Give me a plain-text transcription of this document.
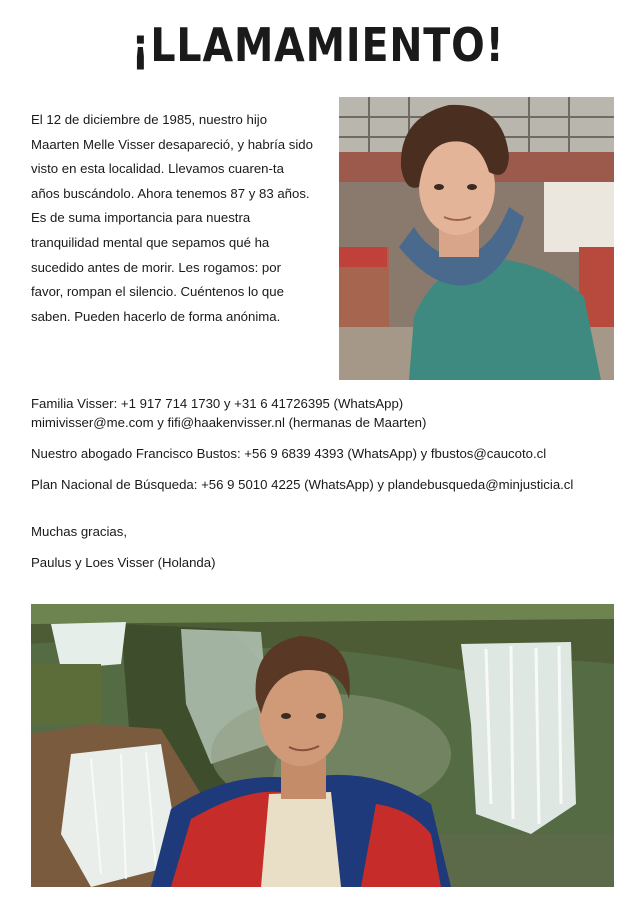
¡LLAMAMIENTO!

El 12 de diciembre de 1985, nuestro hijo Maarten Melle Visser desapareció, y habría sido visto en esta localidad. Llevamos cuaren-ta años buscándolo. Ahora tenemos 87 y 83 años. Es de suma importancia para nuestra tranquilidad mental que sepamos qué ha sucedido antes de morir. Les rogamos: por favor, rompan el silencio. Cuéntenos lo que saben. Pueden hacerlo de forma anónima.

Familia Visser: +1 917 714 1730 y +31 6 41726395 (WhatsApp)

mimivisser@me.com y fifi@haakenvisser.nl (hermanas de Maarten)

Nuestro abogado Francisco Bustos: +56 9 6839 4393 (WhatsApp) y fbustos@caucoto.cl

Plan Nacional de Búsqueda: +56 9 5010 4225 (WhatsApp) y plandebusqueda@minjusticia.cl

Muchas gracias,

Paulus y Loes Visser (Holanda)
